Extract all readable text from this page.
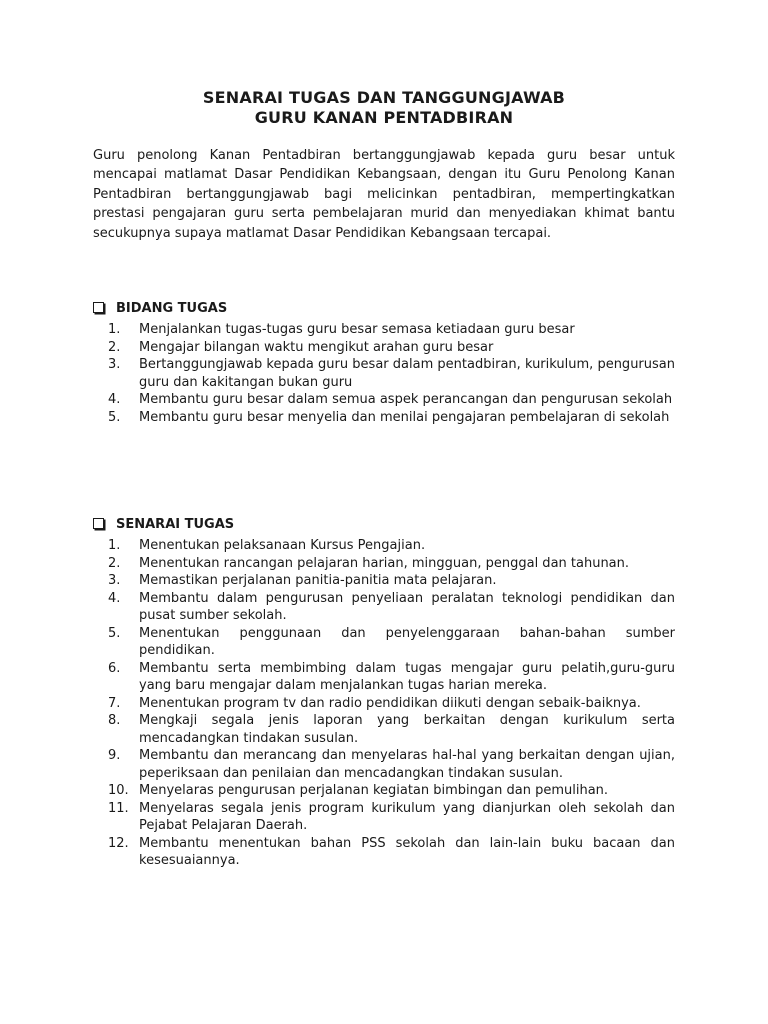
SENARAI TUGAS DAN TANGGUNGJAWAB
GURU KANAN PENTADBIRAN

Guru penolong Kanan Pentadbiran bertanggungjawab kepada guru besar untuk mencapai matlamat Dasar Pendidikan Kebangsaan, dengan itu Guru Penolong Kanan Pentadbiran bertanggungjawab bagi melicinkan pentadbiran, mempertingkatkan prestasi pengajaran guru serta pembelajaran murid dan menyediakan khimat bantu secukupnya supaya matlamat Dasar Pendidikan Kebangsaan tercapai.

BIDANG TUGAS
1. Menjalankan tugas-tugas guru besar semasa ketiadaan guru besar
2. Mengajar bilangan waktu mengikut arahan guru besar
3. Bertanggungjawab kepada guru besar dalam pentadbiran, kurikulum, pengurusan guru dan kakitangan bukan guru
4. Membantu guru besar dalam semua aspek perancangan dan pengurusan sekolah
5. Membantu guru besar menyelia dan menilai pengajaran pembelajaran di sekolah
SENARAI TUGAS
1. Menentukan pelaksanaan Kursus Pengajian.
2. Menentukan rancangan pelajaran harian, mingguan, penggal dan tahunan.
3. Memastikan perjalanan panitia-panitia mata pelajaran.
4. Membantu dalam pengurusan penyeliaan peralatan teknologi pendidikan dan pusat sumber sekolah.
5. Menentukan penggunaan dan penyelenggaraan bahan-bahan sumber pendidikan.
6. Membantu serta membimbing dalam tugas mengajar guru pelatih,guru-guru yang baru mengajar dalam menjalankan tugas harian mereka.
7. Menentukan program tv dan radio pendidikan diikuti dengan sebaik-baiknya.
8. Mengkaji segala jenis laporan yang berkaitan dengan kurikulum serta mencadangkan tindakan susulan.
9. Membantu dan merancang dan menyelaras hal-hal yang berkaitan dengan ujian, peperiksaan dan penilaian dan mencadangkan tindakan susulan.
10. Menyelaras pengurusan perjalanan kegiatan bimbingan dan pemulihan.
11. Menyelaras segala jenis program kurikulum yang dianjurkan oleh sekolah dan Pejabat Pelajaran Daerah.
12. Membantu menentukan bahan PSS sekolah dan lain-lain buku bacaan dan kesesuaiannya.
